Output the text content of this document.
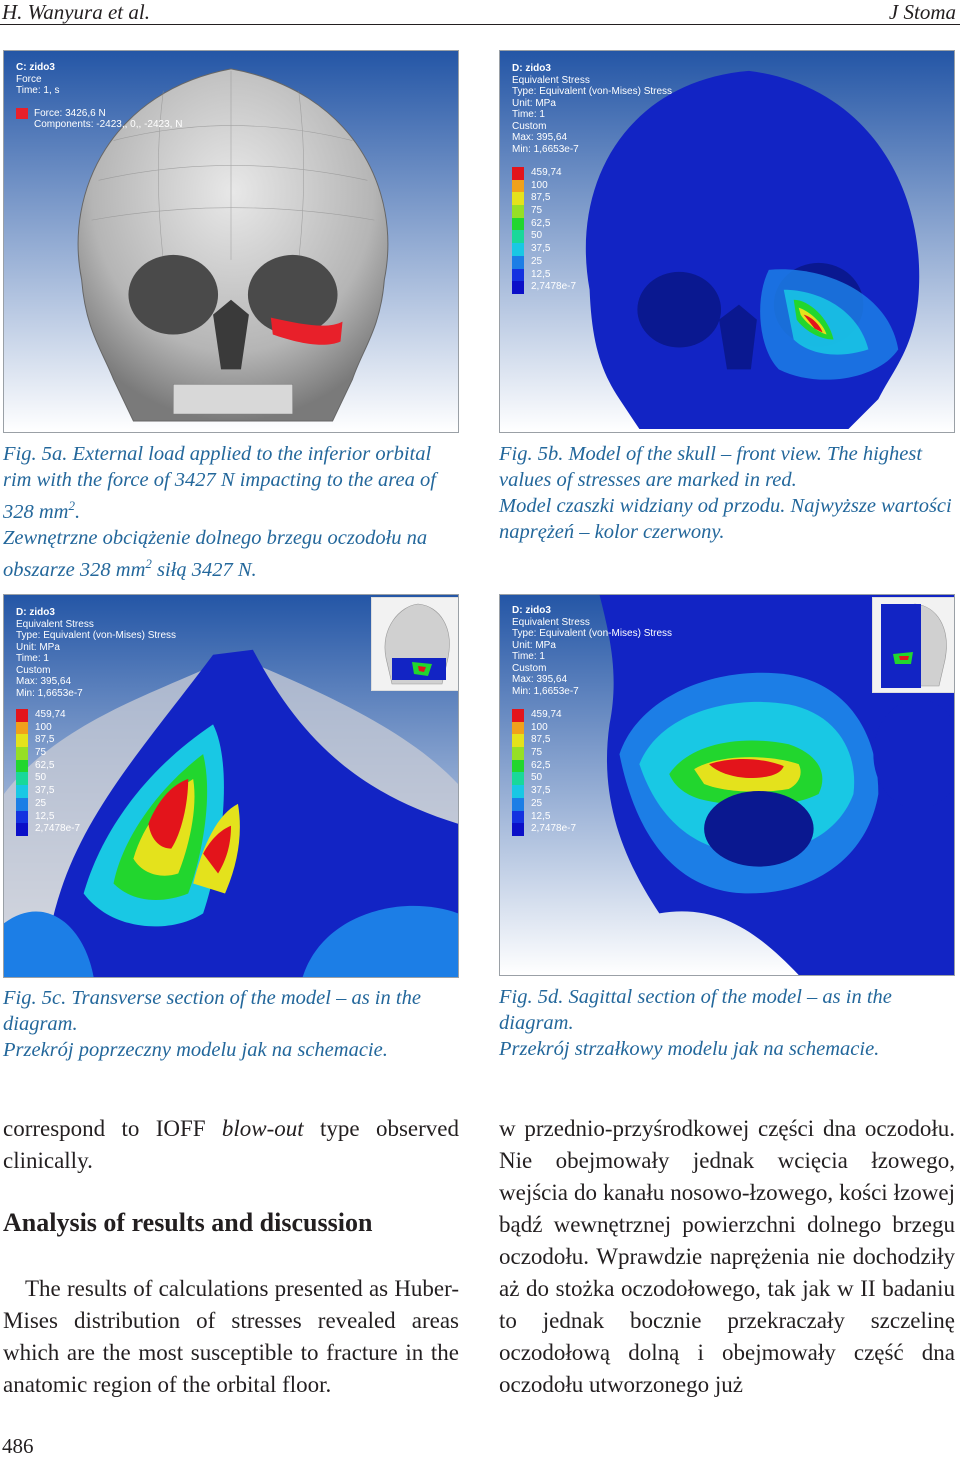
H. Wanyura et al.	J Stoma
C: zido3
Force
Time: 1, s
Force: 3426,6 N
Components: -2423,, 0,, -2423, N
D: zido3
Equivalent Stress
Type: Equivalent (von-Mises) Stress
Unit: MPa
Time: 1
Custom
Max: 395,64
Min: 1,6653e-7
459,74
100
87,5
75
62,5
50
37,5
25
12,5
2,7478e-7

Fig. 5a. External load applied to the inferior orbital rim with the force of 3427 N impacting to the area of 328 $mm^2$.

Zewnętrzne obciążenie dolnego brzegu oczodołu na obszarze 328 $mm^2$ siłą 3427 N.

Fig. 5b. Model of the skull – front view. The highest values of stresses are marked in red.

Model czaszki widziany od przodu. Najwyższe wartości naprężeń – kolor czerwony.

D: zido3
Equivalent Stress
Type: Equivalent (von-Mises) Stress
Unit: MPa
Time: 1
Custom
Max: 395,64
Min: 1,6653e-7
459,74
100
87,5
75
62,5
50
37,5
25
12,5
2,7478e-7
D: zido3
Equivalent Stress
Type: Equivalent (von-Mises) Stress
Unit: MPa
Time: 1
Custom
Max: 395,64
Min: 1,6653e-7
459,74
100
87,5
75
62,5
50
37,5
25
12,5
2,7478e-7

Fig. 5c. Transverse section of the model – as in the diagram.

Przekrój poprzeczny modelu jak na schemacie.

Fig. 5d. Sagittal section of the model – as in the diagram.

Przekrój strzałkowy modelu jak na schemacie.

correspond to IOFF blow-out type observed clinically.

Analysis of results and discussion

The results of calculations presented as Huber-Mises distribution of stresses revealed areas which are the most susceptible to fracture in the anatomic region of the orbital floor.

w przednio-przyśrodkowej części dna oczodołu. Nie obejmowały jednak wcięcia łzowego, wejścia do kanału nosowo-łzowego, kości łzowej bądź wewnętrznej powierzchni dolnego brzegu oczodołu. Wprawdzie naprężenia nie dochodziły aż do stożka oczodołowego, tak jak w II badaniu to jednak bocznie przekraczały szczelinę oczodołową dolną i obejmowały część dna oczodołu utworzonego już

486
